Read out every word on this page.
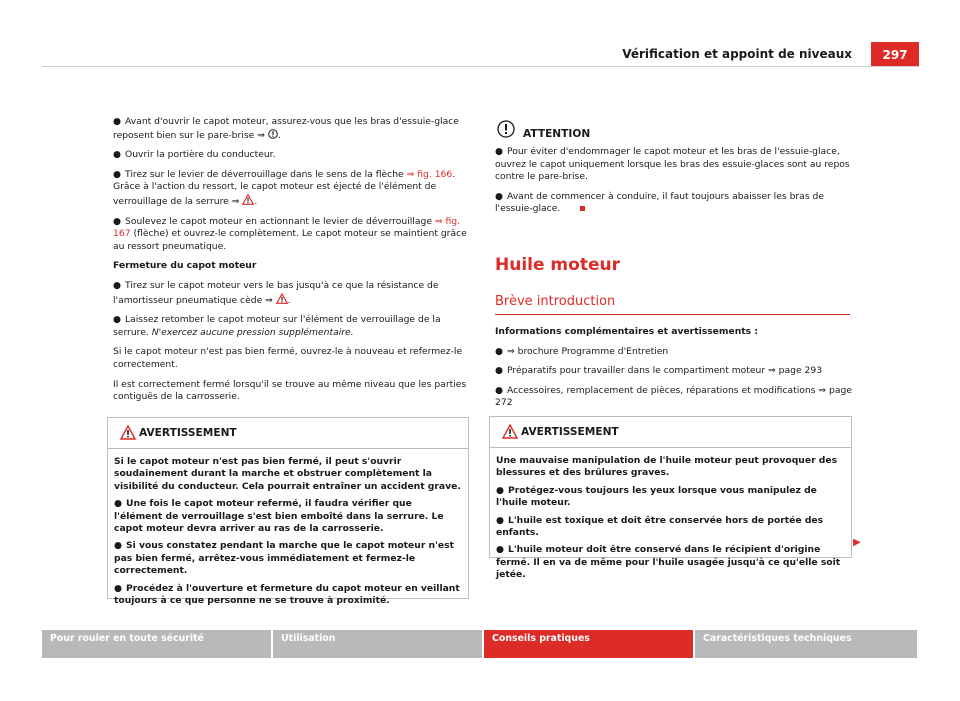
Vérification et appoint de niveaux	297

● Avant d'ouvrir le capot moteur, assurez-vous que les bras d'essuie-glace reposent bien sur le pare-brise ⇒ .

● Ouvrir la portière du conducteur.

● Tirez sur le levier de déverrouillage dans le sens de la flèche ⇒ fig. 166. Grâce à l'action du ressort, le capot moteur est éjecté de l'élément de verrouillage de la serrure ⇒ .

● Soulevez le capot moteur en actionnant le levier de déverrouillage ⇒ fig. 167 (flèche) et ouvrez-le complètement. Le capot moteur se maintient grâce au ressort pneumatique.

Fermeture du capot moteur

● Tirez sur le capot moteur vers le bas jusqu'à ce que la résistance de l'amortisseur pneumatique cède ⇒ .

● Laissez retomber le capot moteur sur l'élément de verrouillage de la serrure. N'exercez aucune pression supplémentaire.

Si le capot moteur n'est pas bien fermé, ouvrez-le à nouveau et refermez-le correctement.

Il est correctement fermé lorsqu'il se trouve au même niveau que les parties contiguës de la carrosserie.

AVERTISSEMENT

Si le capot moteur n'est pas bien fermé, il peut s'ouvrir soudainement durant la marche et obstruer complètement la visibilité du conducteur. Cela pourrait entraîner un accident grave.

● Une fois le capot moteur refermé, il faudra vérifier que l'élément de verrouillage s'est bien emboîté dans la serrure. Le capot moteur devra arriver au ras de la carrosserie.

● Si vous constatez pendant la marche que le capot moteur n'est pas bien fermé, arrêtez-vous immédiatement et fermez-le correctement.

● Procédez à l'ouverture et fermeture du capot moteur en veillant toujours à ce que personne ne se trouve à proximité.

ATTENTION

● Pour éviter d'endommager le capot moteur et les bras de l'essuie-glace, ouvrez le capot uniquement lorsque les bras des essuie-glaces sont au repos contre le pare-brise.

● Avant de commencer à conduire, il faut toujours abaisser les bras de l'essuie-glace.

Huile moteur

Brève introduction

Informations complémentaires et avertissements :

● ⇒ brochure Programme d'Entretien

● Préparatifs pour travailler dans le compartiment moteur ⇒ page 293

● Accessoires, remplacement de pièces, réparations et modifications ⇒ page 272

AVERTISSEMENT

Une mauvaise manipulation de l'huile moteur peut provoquer des blessures et des brûlures graves.

● Protégez-vous toujours les yeux lorsque vous manipulez de l'huile moteur.

● L'huile est toxique et doit être conservée hors de portée des enfants.

● L'huile moteur doit être conservé dans le récipient d'origine fermé. Il en va de même pour l'huile usagée jusqu'à ce qu'elle soit jetée.

▶
Pour rouler en toute sécurité	Utilisation	Conseils pratiques	Caractéristiques techniques
